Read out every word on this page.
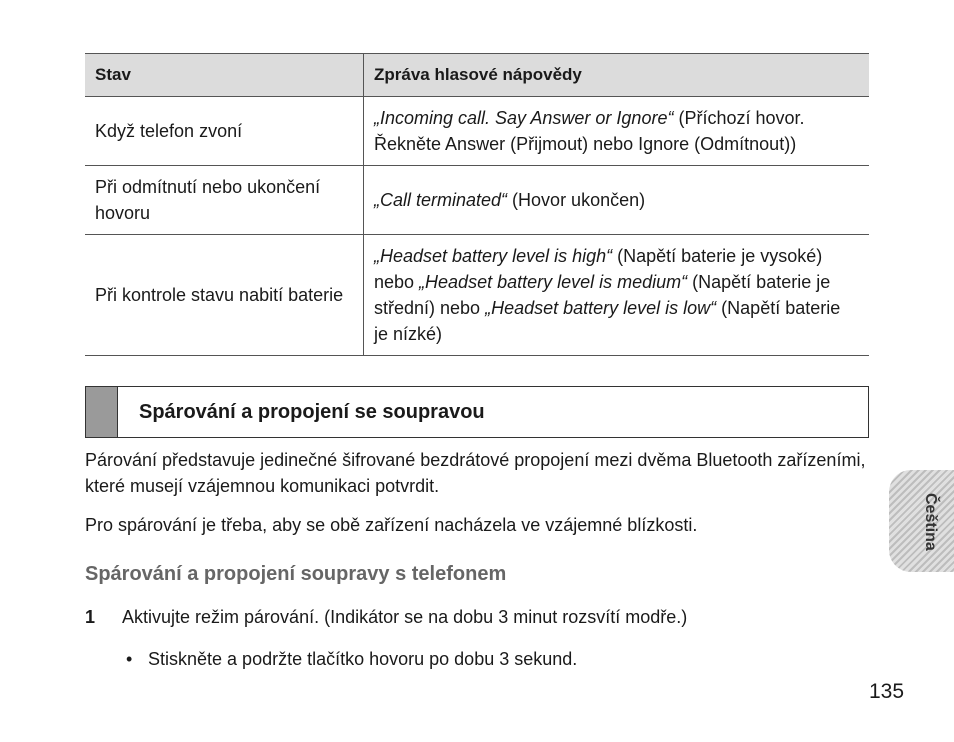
Stav	Zpráva hlasové nápovědy
Když telefon zvoní	„Incoming call. Say Answer or Ignore“ (Příchozí hovor. Řekněte Answer (Přijmout) nebo Ignore (Odmítnout))
Při odmítnutí nebo ukončení hovoru	„Call terminated“ (Hovor ukončen)
Při kontrole stavu nabití baterie	„Headset battery level is high“ (Napětí baterie je vysoké) nebo „Headset battery level is medium“ (Napětí baterie je střední) nebo „Headset battery level is low“ (Napětí baterie je nízké)
Spárování a propojení se soupravou

Párování představuje jedinečné šifrované bezdrátové propojení mezi dvěma Bluetooth zařízeními, které musejí vzájemnou komunikaci potvrdit.

Pro spárování je třeba, aby se obě zařízení nacházela ve vzájemné blízkosti.

Spárování a propojení soupravy s telefonem
1 Aktivujte režim párování. (Indikátor se na dobu 3 minut rozsvítí modře.)
• Stiskněte a podržte tlačítko hovoru po dobu 3 sekund.
Čeština
135
